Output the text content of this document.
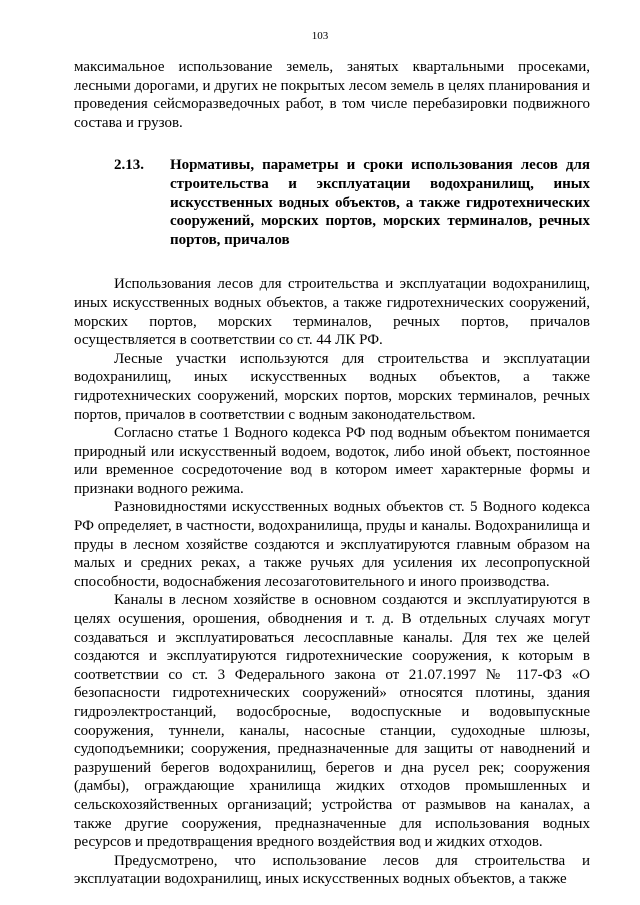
103

максимальное использование земель, занятых квартальными просеками, лесными дорогами, и других не покрытых лесом земель в целях планирования и проведения сейсморазведочных работ, в том числе перебазировки подвижного состава и грузов.

2.13.	Нормативы, параметры и сроки использования лесов для строительства и эксплуатации водохранилищ, иных искусственных водных объектов, а также гидротехнических сооружений, морских портов, морских терминалов, речных портов, причалов

Использования лесов для строительства и эксплуатации водохранилищ, иных искусственных водных объектов, а также гидротехнических сооружений, морских портов, морских терминалов, речных портов, причалов осуществляется в соответствии со ст. 44 ЛК РФ.

Лесные участки используются для строительства и эксплуатации водохранилищ, иных искусственных водных объектов, а также гидротехнических сооружений, морских портов, морских терминалов, речных портов, причалов в соответствии с водным законодательством.

Согласно статье 1 Водного кодекса РФ под водным объектом понимается природный или искусственный водоем, водоток, либо иной объект, постоянное или временное сосредоточение вод в котором имеет характерные формы и признаки водного режима.

Разновидностями искусственных водных объектов ст. 5 Водного кодекса РФ определяет, в частности, водохранилища, пруды и каналы. Водохранилища и пруды в лесном хозяйстве создаются и эксплуатируются главным образом на малых и средних реках, а также ручьях для усиления их лесопропускной способности, водоснабжения лесозаготовительного и иного производства.

Каналы в лесном хозяйстве в основном создаются и эксплуатируются в целях осушения, орошения, обводнения и т. д. В отдельных случаях могут создаваться и эксплуатироваться лесосплавные каналы. Для тех же целей создаются и эксплуатируются гидротехнические сооружения, к которым в соответствии со ст. 3 Федерального закона от 21.07.1997 № 117-ФЗ «О безопасности гидротехнических сооружений» относятся плотины, здания гидроэлектростанций, водосбросные, водоспускные и водовыпускные сооружения, туннели, каналы, насосные станции, судоходные шлюзы, судоподъемники; сооружения, предназначенные для защиты от наводнений и разрушений берегов водохранилищ, берегов и дна русел рек; сооружения (дамбы), ограждающие хранилища жидких отходов промышленных и сельскохозяйственных организаций; устройства от размывов на каналах, а также другие сооружения, предназначенные для использования водных ресурсов и предотвращения вредного воздействия вод и жидких отходов.

Предусмотрено, что использование лесов для строительства и эксплуатации водохранилищ, иных искусственных водных объектов, а также
